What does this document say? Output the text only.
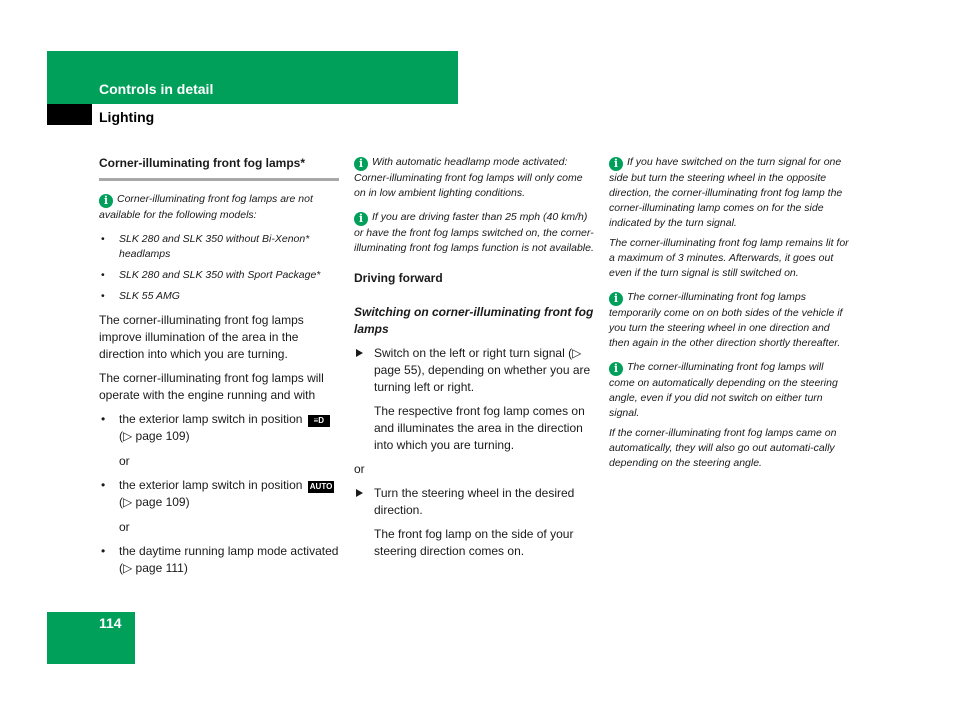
Controls in detail
Lighting
Corner-illuminating front fog lamps*

i Corner-illuminating front fog lamps are not available for the following models:

• SLK 280 and SLK 350 without Bi-Xenon* headlamps
• SLK 280 and SLK 350 with Sport Package*
• SLK 55 AMG

The corner-illuminating front fog lamps improve illumination of the area in the direction into which you are turning.

The corner-illuminating front fog lamps will operate with the engine running and with

• the exterior lamp switch in position ≡D (▷ page 109)
or
• the exterior lamp switch in position AUTO (▷ page 109)
or
• the daytime running lamp mode activated (▷ page 111)

i With automatic headlamp mode activated: Corner-illuminating front fog lamps will only come on in low ambient lighting conditions.

i If you are driving faster than 25 mph (40 km/h) or have the front fog lamps switched on, the corner-illuminating front fog lamps function is not available.

Driving forward

Switching on corner-illuminating front fog lamps

Switch on the left or right turn signal (▷ page 55), depending on whether you are turning left or right.

The respective front fog lamp comes on and illuminates the area in the direction into which you are turning.

or
Turn the steering wheel in the desired direction.

The front fog lamp on the side of your steering direction comes on.

i If you have switched on the turn signal for one side but turn the steering wheel in the opposite direction, the corner-illuminating front fog lamp the corner-illuminating lamp comes on for the side indicated by the turn signal.

The corner-illuminating front fog lamp remains lit for a maximum of 3 minutes. Afterwards, it goes out even if the turn signal is still switched on.

i The corner-illuminating front fog lamps temporarily come on on both sides of the vehicle if you turn the steering wheel in one direction and then again in the other direction shortly thereafter.

i The corner-illuminating front fog lamps will come on automatically depending on the steering angle, even if you did not switch on either turn signal.

If the corner-illuminating front fog lamps came on automatically, they will also go out automati-cally depending on the steering angle.

114
